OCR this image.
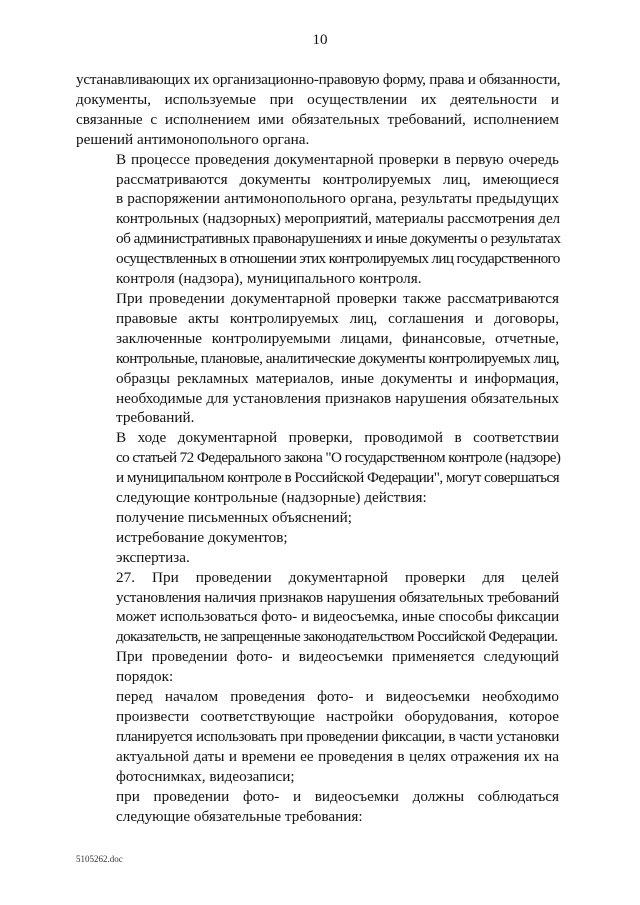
10
устанавливающих их организационно-правовую форму, права и обязанности,
документы, используемые при осуществлении их деятельности и
связанные с исполнением ими обязательных требований, исполнением
решений антимонопольного органа.
В процессе проведения документарной проверки в первую очередь
рассматриваются документы контролируемых лиц, имеющиеся
в распоряжении антимонопольного органа, результаты предыдущих
контрольных (надзорных) мероприятий, материалы рассмотрения дел
об административных правонарушениях и иные документы о результатах
осуществленных в отношении этих контролируемых лиц государственного
контроля (надзора), муниципального контроля.
При проведении документарной проверки также рассматриваются
правовые акты контролируемых лиц, соглашения и договоры,
заключенные контролируемыми лицами, финансовые, отчетные,
контрольные, плановые, аналитические документы контролируемых лиц,
образцы рекламных материалов, иные документы и информация,
необходимые для установления признаков нарушения обязательных
требований.
В ходе документарной проверки, проводимой в соответствии
со статьей 72 Федерального закона "О государственном контроле (надзоре)
и муниципальном контроле в Российской Федерации", могут совершаться
следующие контрольные (надзорные) действия:
получение письменных объяснений;
истребование документов;
экспертиза.
27. При проведении документарной проверки для целей
установления наличия признаков нарушения обязательных требований
может использоваться фото- и видеосъемка, иные способы фиксации
доказательств, не запрещенные законодательством Российской Федерации.
При проведении фото- и видеосъемки применяется следующий
порядок:
перед началом проведения фото- и видеосъемки необходимо
произвести соответствующие настройки оборудования, которое
планируется использовать при проведении фиксации, в части установки
актуальной даты и времени ее проведения в целях отражения их на
фотоснимках, видеозаписи;
при проведении фото- и видеосъемки должны соблюдаться
следующие обязательные требования:
5105262.doc
